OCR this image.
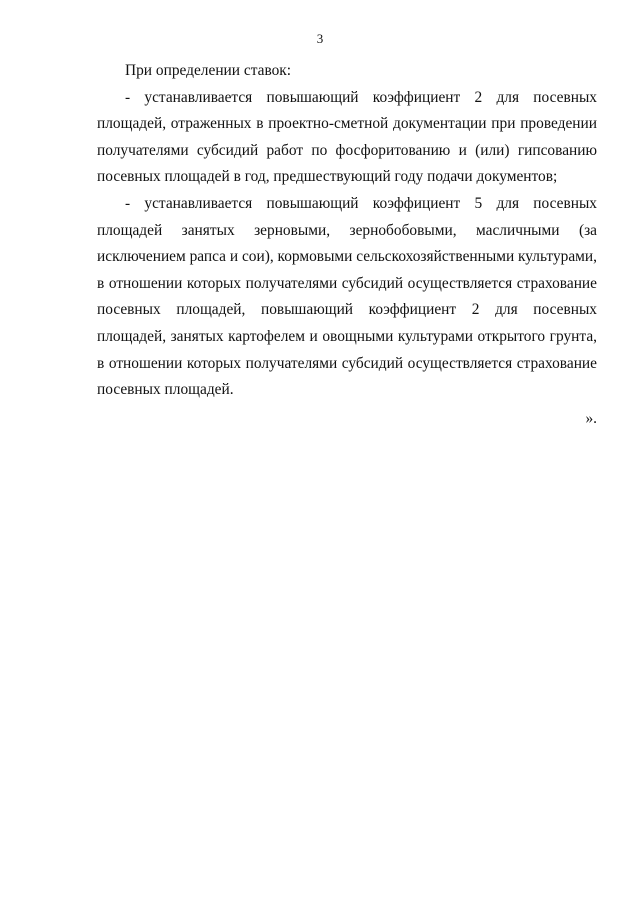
3

При определении ставок:

- устанавливается повышающий коэффициент 2 для посевных площадей, отраженных в проектно-сметной документации при проведении получателями субсидий работ по фосфоритованию и (или) гипсованию посевных площадей в год, предшествующий году подачи документов;

- устанавливается повышающий коэффициент 5 для посевных площадей занятых зерновыми, зернобобовыми, масличными (за исключением рапса и сои), кормовыми сельскохозяйственными культурами, в отношении которых получателями субсидий осуществляется страхование посевных площадей, повышающий коэффициент 2 для посевных площадей, занятых картофелем и овощными культурами открытого грунта, в отношении которых получателями субсидий осуществляется страхование посевных площадей.

».
